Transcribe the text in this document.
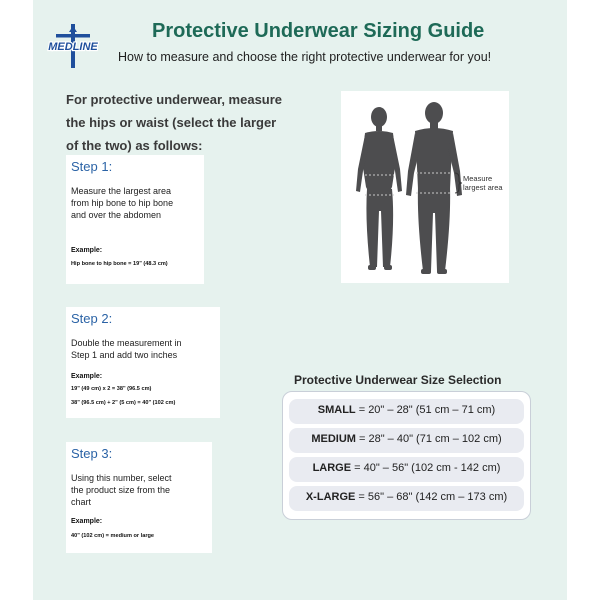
MEDLINE
Protective Underwear Sizing Guide
How to measure and choose the right protective underwear for you!
For protective underwear, measure
the hips or waist (select the larger
of the two) as follows:
Step 1:
Measure the largest area
from hip bone to hip bone
and over the abdomen
Example:
Hip bone to hip bone = 19" (48.3 cm)
Step 2:
Double the measurement in
Step 1 and add two inches
Example:
19" (49 cm) x 2 = 38" (96.5 cm)
38" (96.5 cm) + 2" (5 cm) = 40" (102 cm)
Step 3:
Using this number, select
the product size from the
chart
Example:
40" (102 cm) = medium or large
Measure
largest area
Protective Underwear Size Selection
SMALL = 20" – 28" (51 cm – 71 cm)
MEDIUM = 28" – 40" (71 cm – 102 cm)
LARGE = 40" – 56" (102 cm - 142 cm)
X-LARGE = 56" – 68" (142 cm – 173 cm)
